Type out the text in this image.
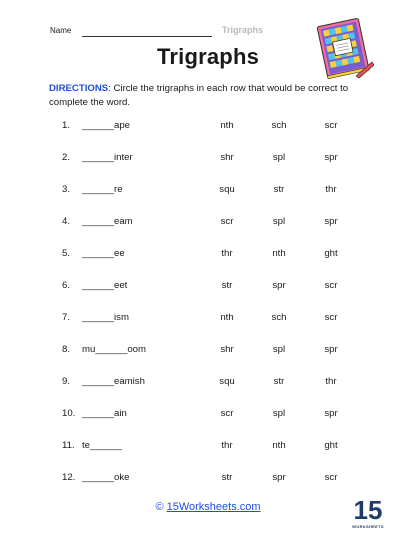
Name	Trigraphs
Trigraphs
DIRECTIONS: Circle the trigraphs in each row that would be correct to complete the word.
1. ______ape	nth	sch	scr
2. ______inter	shr	spl	spr
3. ______re	squ	str	thr
4. ______eam	scr	spl	spr
5. ______ee	thr	nth	ght
6. ______eet	str	spr	scr
7. ______ism	nth	sch	scr
8. mu______oom	shr	spl	spr
9. ______eamish	squ	str	thr
10. ______ain	scr	spl	spr
11. te______	thr	nth	ght
12. ______oke	str	spr	scr
© 15Worksheets.com	15
WORKSHEETS
